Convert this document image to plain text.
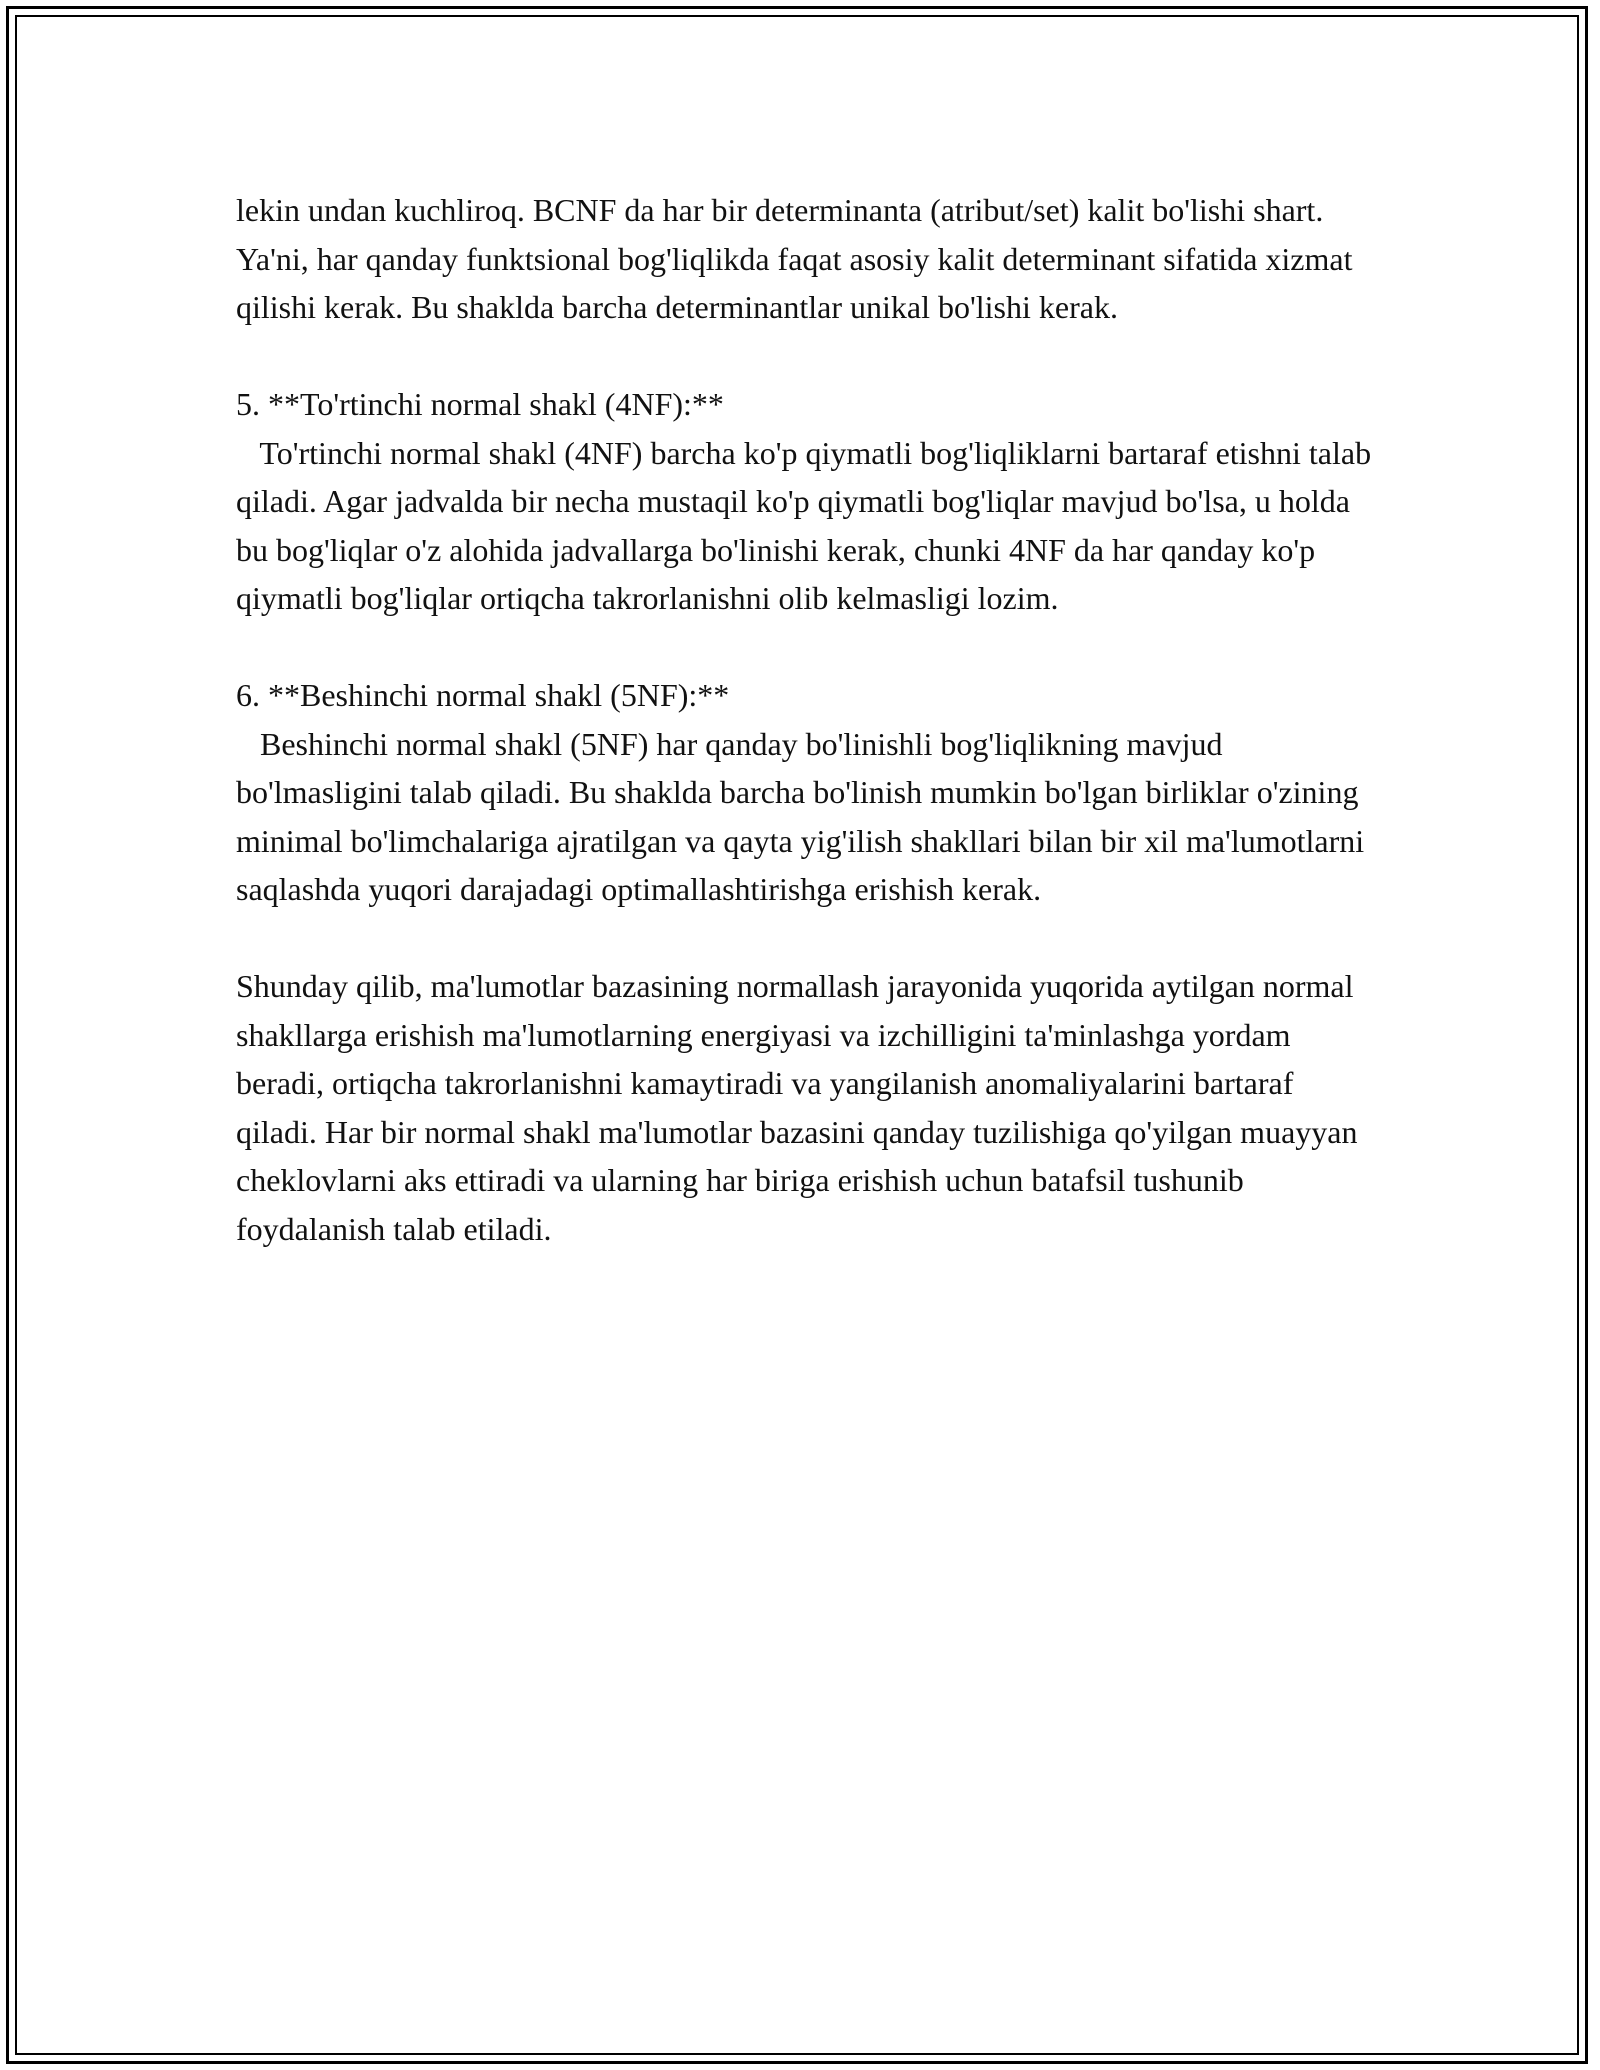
lekin undan kuchliroq. BCNF da har bir determinanta (atribut/set) kalit bo'lishi shart. Ya'ni, har qanday funktsional bog'liqlikda faqat asosiy kalit determinant sifatida xizmat qilishi kerak. Bu shaklda barcha determinantlar unikal bo'lishi kerak.

5. **To'rtinchi normal shakl (4NF):**
To'rtinchi normal shakl (4NF) barcha ko'p qiymatli bog'liqliklarni bartaraf etishni talab qiladi. Agar jadvalda bir necha mustaqil ko'p qiymatli bog'liqlar mavjud bo'lsa, u holda bu bog'liqlar o'z alohida jadvallarga bo'linishi kerak, chunki 4NF da har qanday ko'p qiymatli bog'liqlar ortiqcha takrorlanishni olib kelmasligi lozim.

6. **Beshinchi normal shakl (5NF):**
Beshinchi normal shakl (5NF) har qanday bo'linishli bog'liqlikning mavjud bo'lmasligini talab qiladi. Bu shaklda barcha bo'linish mumkin bo'lgan birliklar o'zining minimal bo'limchalariga ajratilgan va qayta yig'ilish shakllari bilan bir xil ma'lumotlarni saqlashda yuqori darajadagi optimallashtirishga erishish kerak.

Shunday qilib, ma'lumotlar bazasining normallash jarayonida yuqorida aytilgan normal shakllarga erishish ma'lumotlarning energiyasi va izchilligini ta'minlashga yordam beradi, ortiqcha takrorlanishni kamaytiradi va yangilanish anomaliyalarini bartaraf qiladi. Har bir normal shakl ma'lumotlar bazasini qanday tuzilishiga qo'yilgan muayyan cheklovlarni aks ettiradi va ularning har biriga erishish uchun batafsil tushunib foydalanish talab etiladi.
